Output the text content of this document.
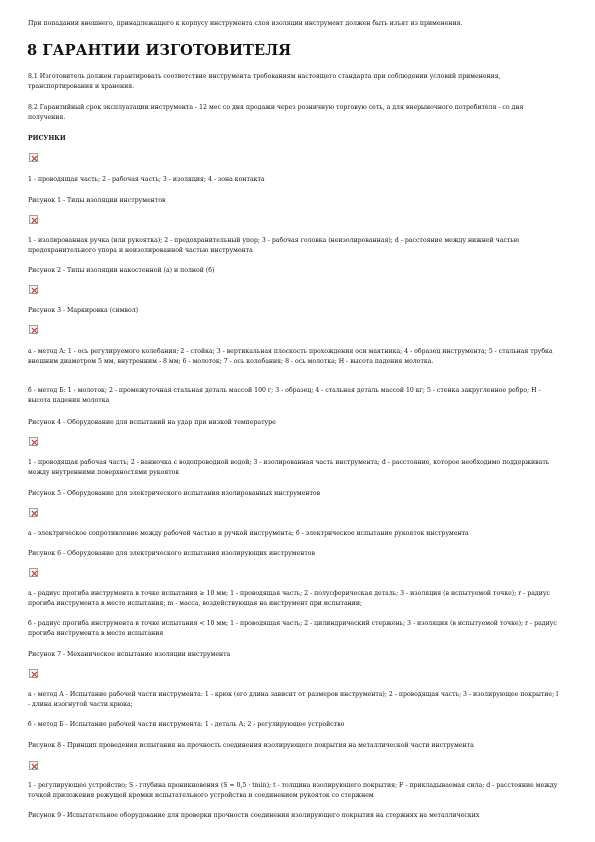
При попадании внешнего, принадлежащего к корпусу инструмента слоя изоляции инструмент должен быть изъят из применения.
8 ГАРАНТИИ ИЗГОТОВИТЕЛЯ
8.1 Изготовитель должен гарантировать соответствие инструмента требованиям настоящего стандарта при соблюдении условий применения, транспортирования и хранения.
8.2 Гарантийный срок эксплуатации инструмента - 12 мес со дня продажи через розничную торговую сеть, а для внерыночного потребителя - со дня получения.
РИСУНКИ
1 - проводящая часть; 2 - рабочая часть; 3 - изоляция; 4 - зона контакта
Рисунок 1 - Типы изоляции инструментов
1 - изолированная ручка (или рукоятка); 2 - предохранительный упор; 3 - рабочая головка (неизолированная); d - расстояние между нижней частью предохранительного упора и неизолированной частью инструмента
Рисунок 2 - Типы изоляции накостенной (а) и полной (б)
Рисунок 3 - Маркировка (символ)
а - метод А: 1 - ось регулируемого колебания; 2 - стойка; 3 - вертикальная плоскость прохождения оси маятника; 4 - образец инструмента; 5 - стальная трубка внешним диаметром 5 мм, внутренним - 8 мм; 6 - молоток; 7 - ось колебания; 8 - ось молотка; H - высота падения молотка.
б - метод Б: 1 - молоток; 2 - промежуточная стальная деталь массой 100 г; 3 - образец; 4 - стальная деталь массой 10 кг; 5 - стенка закругленное ребро; H - высота падения молотка
Рисунок 4 - Оборудование для испытаний на удар при низкой температуре
1 - проводящая рабочая часть; 2 - ванночка с водопроводной водой; 3 - изолированная часть инструмента; d - расстояние, которое необходимо поддерживать между внутренними поверхностями рукояток
Рисунок 5 - Оборудование для электрического испытания изолированных инструментов
а - электрическое сопротивление между рабочей частью и ручкой инструмента; б - электрическое испытание рукояток инструмента
Рисунок 6 - Оборудование для электрического испытания изолирующих инструментов
а - радиус прогиба инструмента в точке испытания ≥ 10 мм; 1 - проводящая часть; 2 - полусферическая деталь; 3 - изоляция (в испытуемой точке); r - радиус прогиба инструмента в месте испытания; m - масса, воздействующая на инструмент при испытании;
б - радиус прогиба инструмента в точке испытания < 10 мм; 1 - проводящая часть; 2 - цилиндрический стержень; 3 - изоляция (в испытуемой точке); r - радиус прогиба инструмента в месте испытания
Рисунок 7 - Механическое испытание изоляции инструмента
а - метод А - Испытание рабочей части инструмента: 1 - крюк (его длина зависит от размеров инструмента); 2 - проводящая часть; 3 - изолирующее покрытие; l - длина изогнутой части крюка;
б - метод Б - Испытание рабочей части инструмента: 1 - деталь А; 2 - регулирующее устройство
Рисунок 8 - Принцип проведения испытания на прочность соединения изолирующего покрытия на металлической части инструмента
1 - регулирующее устройство; S - глубина проникновения (S = 0,5 · tmin); t - толщина изолирующего покрытия; F - прикладываемая сила; d - расстояние между точкой приложения режущей кромки испытательного устройства и соединением рукояток со стержнем
Рисунок 9 - Испытательное оборудование для проверки прочности соединения изолирующего покрытия на стержнях на металлических
